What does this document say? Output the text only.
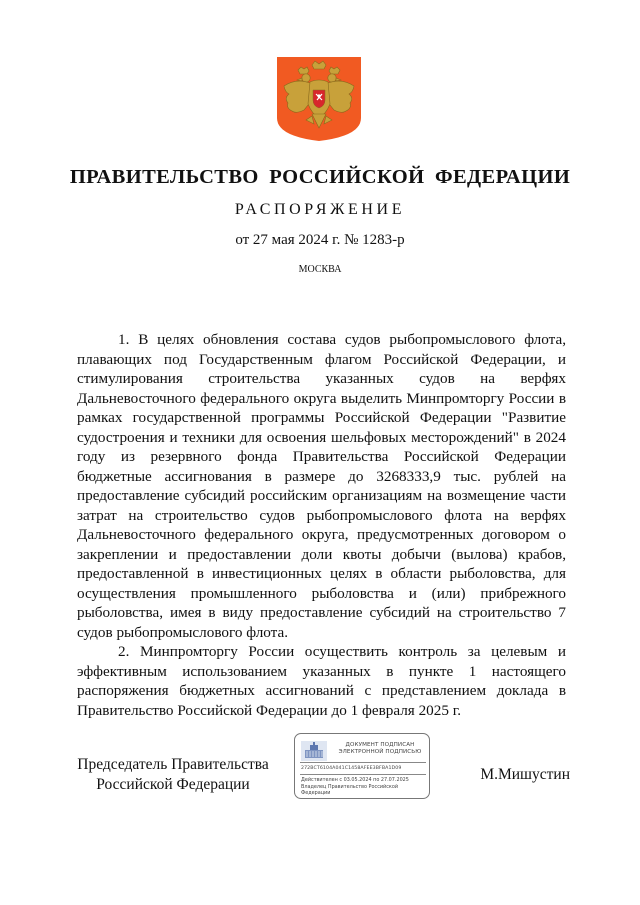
ПРАВИТЕЛЬСТВО РОССИЙСКОЙ ФЕДЕРАЦИИ
РАСПОРЯЖЕНИЕ
от 27 мая 2024 г. № 1283-р
МОСКВА

1. В целях обновления состава судов рыбопромыслового флота, плавающих под Государственным флагом Российской Федерации, и стимулирования строительства указанных судов на верфях Дальневосточного федерального округа выделить Минпромторгу России в рамках государственной программы Российской Федерации "Развитие судостроения и техники для освоения шельфовых месторождений" в 2024 году из резервного фонда Правительства Российской Федерации бюджетные ассигнования в размере до 3268333,9 тыс. рублей на предоставление субсидий российским организациям на возмещение части затрат на строительство судов рыбопромыслового флота на верфях Дальневосточного федерального округа, предусмотренных договором о закреплении и предоставлении доли квоты добычи (вылова) крабов, предоставленной в инвестиционных целях в области рыболовства, для осуществления промышленного рыболовства и (или) прибрежного рыболовства, имея в виду предоставление субсидий на строительство 7 судов рыбопромыслового флота.

2. Минпромторгу России осуществить контроль за целевым и эффективным использованием указанных в пункте 1 настоящего распоряжения бюджетных ассигнований с представлением доклада в Правительство Российской Федерации до 1 февраля 2025 г.

Председатель Правительства
Российской Федерации
ДОКУМЕНТ ПОДПИСАН
ЭЛЕКТРОННОЙ ПОДПИСЬЮ
272BCT6104A041C1458AFEE3BFBA1D09
Действителен с 03.05.2024 по 27.07.2025
Владелец Правительство Российской Федерации
М.Мишустин
